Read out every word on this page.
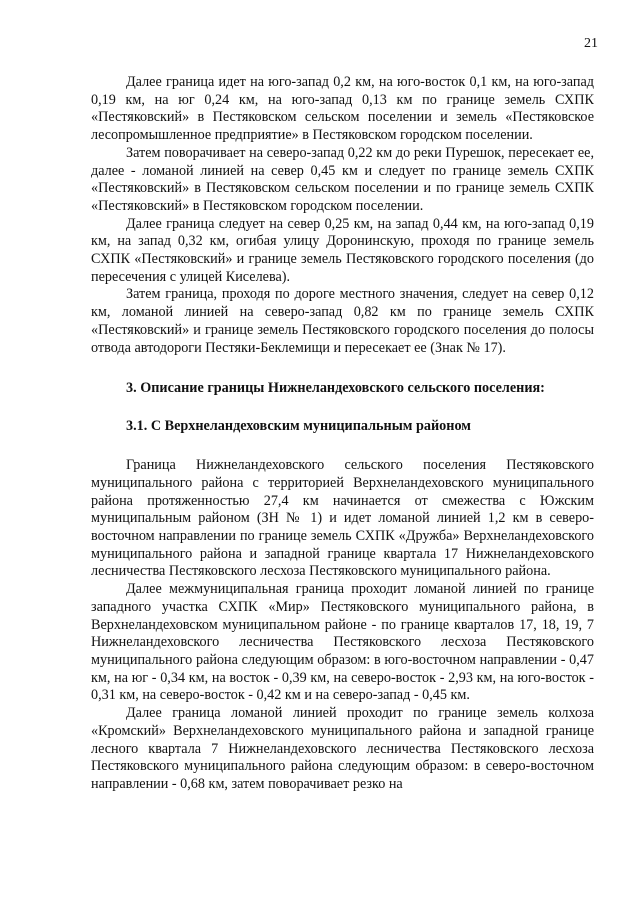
21

Далее граница идет на юго-запад 0,2 км, на юго-восток 0,1 км, на юго-запад 0,19 км, на юг 0,24 км, на юго-запад 0,13 км по границе земель СХПК «Пестяковский» в Пестяковском сельском поселении и земель «Пестяковское лесопромышленное предприятие» в Пестяковском городском поселении.

Затем поворачивает на северо-запад 0,22 км до реки Пурешок, пересекает ее, далее - ломаной линией на север 0,45 км и следует по границе земель СХПК «Пестяковский» в Пестяковском сельском поселении и по границе земель СХПК «Пестяковский» в Пестяковском городском поселении.

Далее граница следует на север 0,25 км, на запад 0,44 км, на юго-запад 0,19 км, на запад 0,32 км, огибая улицу Доронинскую, проходя по границе земель СХПК «Пестяковский» и границе земель Пестяковского городского поселения (до пересечения с улицей Киселева).

Затем граница, проходя по дороге местного значения, следует на север 0,12 км, ломаной линией на северо-запад 0,82 км по границе земель СХПК «Пестяковский» и границе земель Пестяковского городского поселения до полосы отвода автодороги Пестяки-Беклемищи и пересекает ее (Знак № 17).

3. Описание границы Нижнеландеховского сельского поселения:

3.1. С Верхнеландеховским муниципальным районом

Граница Нижнеландеховского сельского поселения Пестяковского муниципального района с территорией Верхнеландеховского муниципального района протяженностью 27,4 км начинается от смежества с Южским муниципальным районом (ЗН № 1) и идет ломаной линией 1,2 км в северо-восточном направлении по границе земель СХПК «Дружба» Верхнеландеховского муниципального района и западной границе квартала 17 Нижнеландеховского лесничества Пестяковского лесхоза Пестяковского муниципального района.

Далее межмуниципальная граница проходит ломаной линией по границе западного участка СХПК «Мир» Пестяковского муниципального района, в Верхнеландеховском муниципальном районе - по границе кварталов 17, 18, 19, 7 Нижнеландеховского лесничества Пестяковского лесхоза Пестяковского муниципального района следующим образом: в юго-восточном направлении - 0,47 км, на юг - 0,34 км, на восток - 0,39 км, на северо-восток - 2,93 км, на юго-восток - 0,31 км, на северо-восток - 0,42 км и на северо-запад - 0,45 км.

Далее граница ломаной линией проходит по границе земель колхоза «Кромский» Верхнеландеховского муниципального района и западной границе лесного квартала 7 Нижнеландеховского лесничества Пестяковского лесхоза Пестяковского муниципального района следующим образом: в северо-восточном направлении - 0,68 км, затем поворачивает резко на
